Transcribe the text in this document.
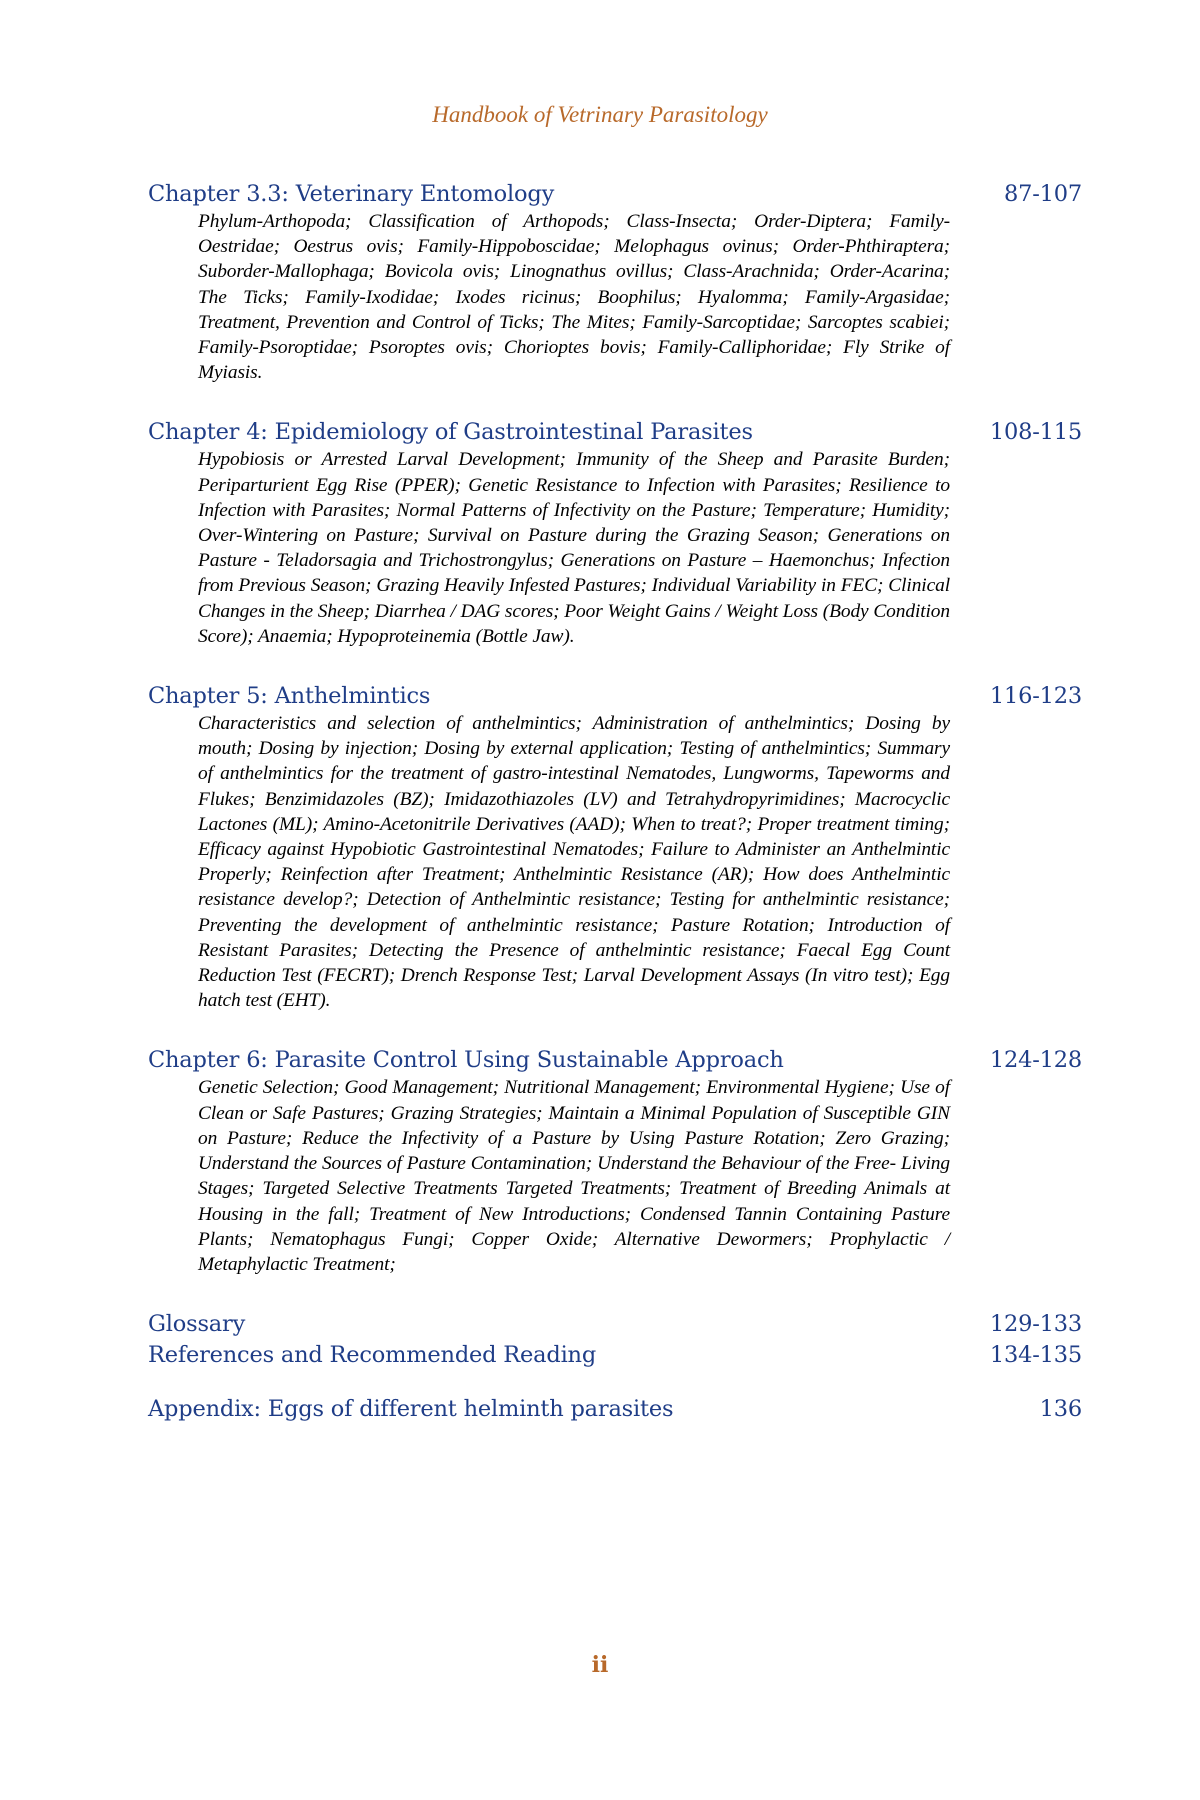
Handbook of Vetrinary Parasitology
Chapter 3.3: Veterinary Entomology	87-107

Phylum-Arthopoda; Classification of Arthopods; Class-Insecta; Order-Diptera; Family-Oestridae; Oestrus ovis; Family-Hippoboscidae; Melophagus ovinus; Order-Phthiraptera; Suborder-Mallophaga; Bovicola ovis; Linognathus ovillus; Class-Arachnida; Order-Acarina; The Ticks; Family-Ixodidae; Ixodes ricinus; Boophilus; Hyalomma; Family-Argasidae; Treatment, Prevention and Control of Ticks; The Mites; Family-Sarcoptidae; Sarcoptes scabiei; Family-Psoroptidae; Psoroptes ovis; Chorioptes bovis; Family-Calliphoridae; Fly Strike of Myiasis.

Chapter 4: Epidemiology of Gastrointestinal Parasites	108-115

Hypobiosis or Arrested Larval Development; Immunity of the Sheep and Parasite Burden; Periparturient Egg Rise (PPER); Genetic Resistance to Infection with Parasites; Resilience to Infection with Parasites; Normal Patterns of Infectivity on the Pasture; Temperature; Humidity; Over-Wintering on Pasture; Survival on Pasture during the Grazing Season; Generations on Pasture - Teladorsagia and Trichostrongylus; Generations on Pasture – Haemonchus; Infection from Previous Season; Grazing Heavily Infested Pastures; Individual Variability in FEC; Clinical Changes in the Sheep; Diarrhea / DAG scores; Poor Weight Gains / Weight Loss (Body Condition Score); Anaemia; Hypoproteinemia (Bottle Jaw).

Chapter 5: Anthelmintics	116-123

Characteristics and selection of anthelmintics; Administration of anthelmintics; Dosing by mouth; Dosing by injection; Dosing by external application; Testing of anthelmintics; Summary of anthelmintics for the treatment of gastro-intestinal Nematodes, Lungworms, Tapeworms and Flukes; Benzimidazoles (BZ); Imidazothiazoles (LV) and Tetrahydropyrimidines; Macrocyclic Lactones (ML); Amino-Acetonitrile Derivatives (AAD); When to treat?; Proper treatment timing; Efficacy against Hypobiotic Gastrointestinal Nematodes; Failure to Administer an Anthelmintic Properly; Reinfection after Treatment; Anthelmintic Resistance (AR); How does Anthelmintic resistance develop?; Detection of Anthelmintic resistance; Testing for anthelmintic resistance; Preventing the development of anthelmintic resistance; Pasture Rotation; Introduction of Resistant Parasites; Detecting the Presence of anthelmintic resistance; Faecal Egg Count Reduction Test (FECRT); Drench Response Test; Larval Development Assays (In vitro test); Egg hatch test (EHT).

Chapter 6: Parasite Control Using Sustainable Approach	124-128

Genetic Selection; Good Management; Nutritional Management; Environmental Hygiene; Use of Clean or Safe Pastures; Grazing Strategies; Maintain a Minimal Population of Susceptible GIN on Pasture; Reduce the Infectivity of a Pasture by Using Pasture Rotation; Zero Grazing; Understand the Sources of Pasture Contamination; Understand the Behaviour of the Free- Living Stages; Targeted Selective Treatments Targeted Treatments; Treatment of Breeding Animals at Housing in the fall; Treatment of New Introductions; Condensed Tannin Containing Pasture Plants; Nematophagus Fungi; Copper Oxide; Alternative Dewormers; Prophylactic / Metaphylactic Treatment;

Glossary	129-133
References and Recommended Reading	134-135
Appendix: Eggs of different helminth parasites	136
ii
